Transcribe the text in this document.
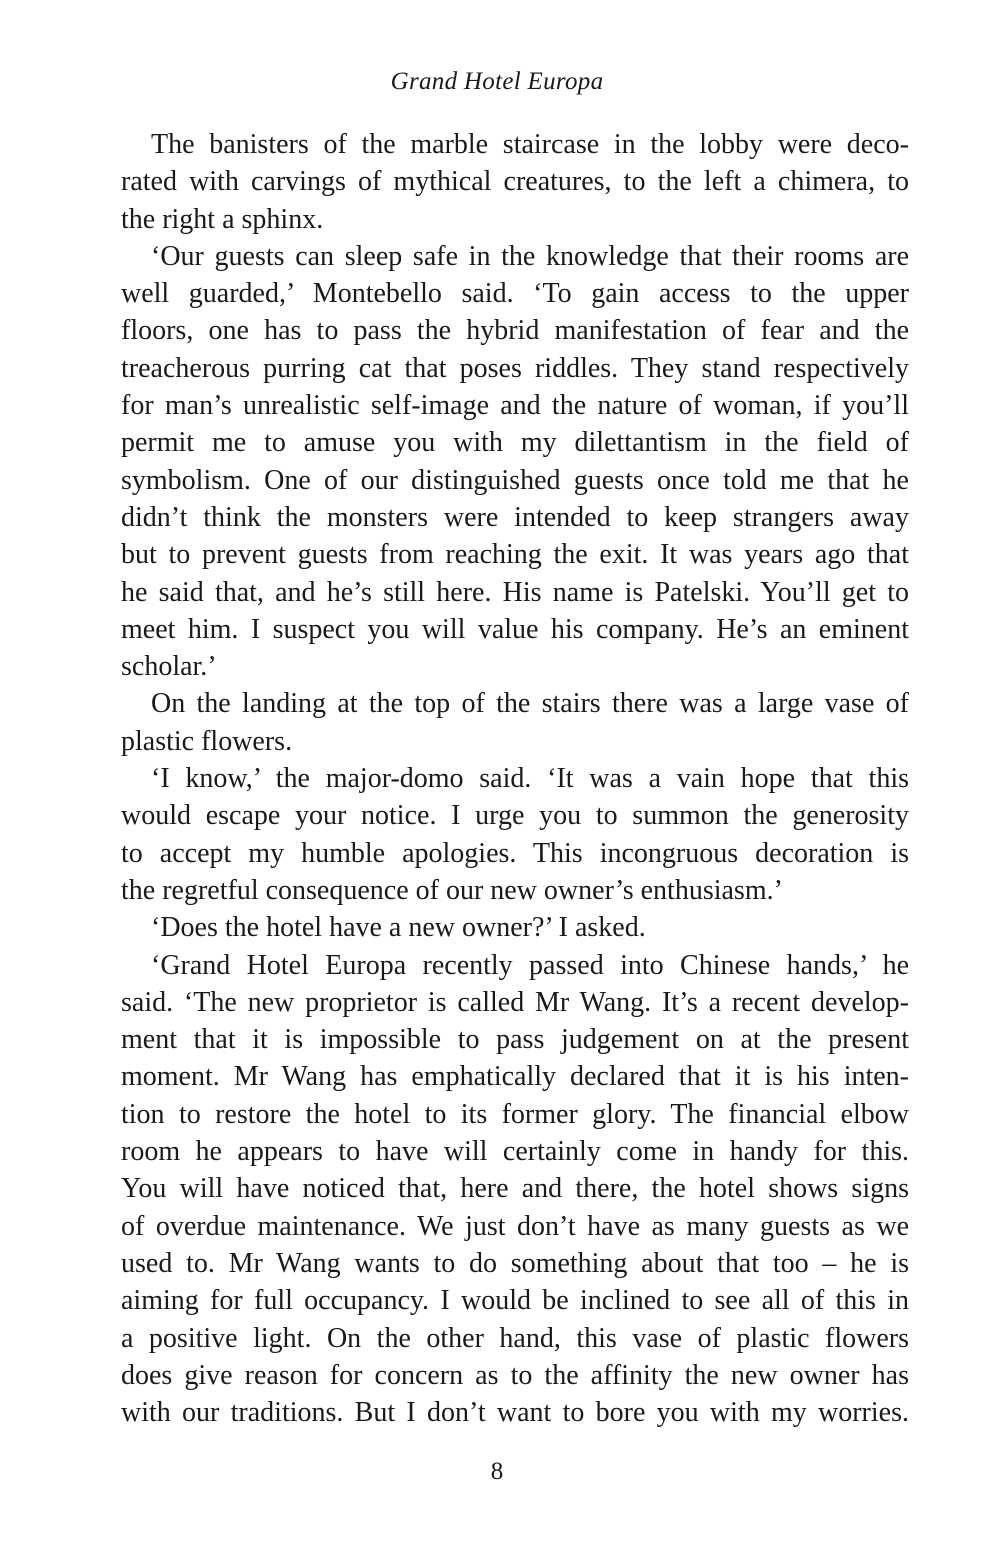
Grand Hotel Europa
The banisters of the marble staircase in the lobby were deco-
rated with carvings of mythical creatures, to the left a chimera, to
the right a sphinx.
‘Our guests can sleep safe in the knowledge that their rooms are
well guarded,’ Montebello said. ‘To gain access to the upper
floors, one has to pass the hybrid manifestation of fear and the
treacherous purring cat that poses riddles. They stand respectively
for man’s unrealistic self-image and the nature of woman, if you’ll
permit me to amuse you with my dilettantism in the field of
symbolism. One of our distinguished guests once told me that he
didn’t think the monsters were intended to keep strangers away
but to prevent guests from reaching the exit. It was years ago that
he said that, and he’s still here. His name is Patelski. You’ll get to
meet him. I suspect you will value his company. He’s an eminent
scholar.’
On the landing at the top of the stairs there was a large vase of
plastic flowers.
‘I know,’ the major-domo said. ‘It was a vain hope that this
would escape your notice. I urge you to summon the generosity
to accept my humble apologies. This incongruous decoration is
the regretful consequence of our new owner’s enthusiasm.’
‘Does the hotel have a new owner?’ I asked.
‘Grand Hotel Europa recently passed into Chinese hands,’ he
said. ‘The new proprietor is called Mr Wang. It’s a recent develop-
ment that it is impossible to pass judgement on at the present
moment. Mr Wang has emphatically declared that it is his inten-
tion to restore the hotel to its former glory. The financial elbow
room he appears to have will certainly come in handy for this.
You will have noticed that, here and there, the hotel shows signs
of overdue maintenance. We just don’t have as many guests as we
used to. Mr Wang wants to do something about that too – he is
aiming for full occupancy. I would be inclined to see all of this in
a positive light. On the other hand, this vase of plastic flowers
does give reason for concern as to the affinity the new owner has
with our traditions. But I don’t want to bore you with my worries.
8
